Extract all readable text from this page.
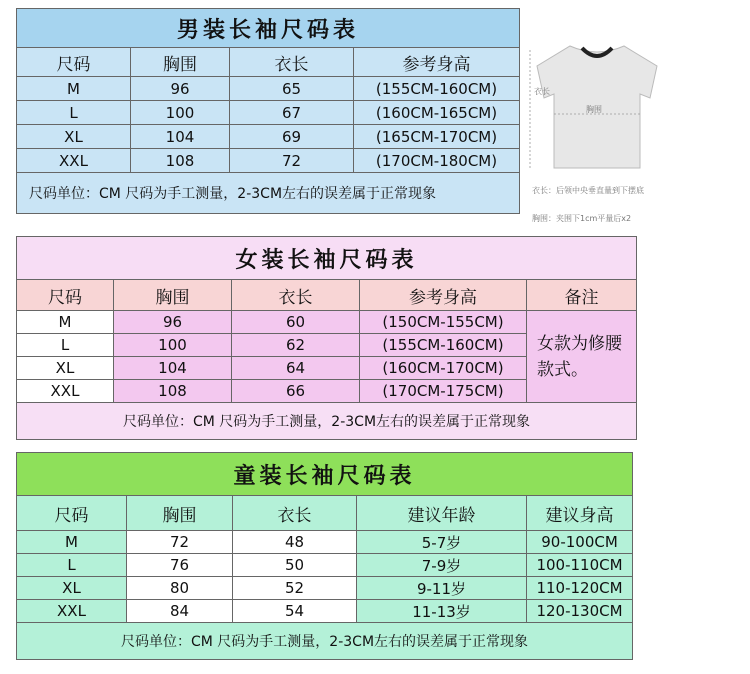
男装长袖尺码表			
尺码	胸围	衣长	参考身高
M	96	65	(155CM-160CM)
L	100	67	(160CM-165CM)
XL	104	69	(165CM-170CM)
XXL	108	72	(170CM-180CM)
尺码单位：CM 尺码为手工测量，2-3CM左右的误差属于正常现象			
衣长
胸围
衣长：后领中央垂直量到下摆底
胸围：夹围下1cm平量后x2
女装长袖尺码表				
尺码	胸围	衣长	参考身高	备注
M	96	60	(150CM-155CM)	女款为修腰款式。
L	100	62	(155CM-160CM)	
XL	104	64	(160CM-170CM)	
XXL	108	66	(170CM-175CM)	
尺码单位：CM 尺码为手工测量，2-3CM左右的误差属于正常现象				
童装长袖尺码表				
尺码	胸围	衣长	建议年龄	建议身高
M	72	48	5-7岁	90-100CM
L	76	50	7-9岁	100-110CM
XL	80	52	9-11岁	110-120CM
XXL	84	54	11-13岁	120-130CM
尺码单位：CM 尺码为手工测量，2-3CM左右的误差属于正常现象				
